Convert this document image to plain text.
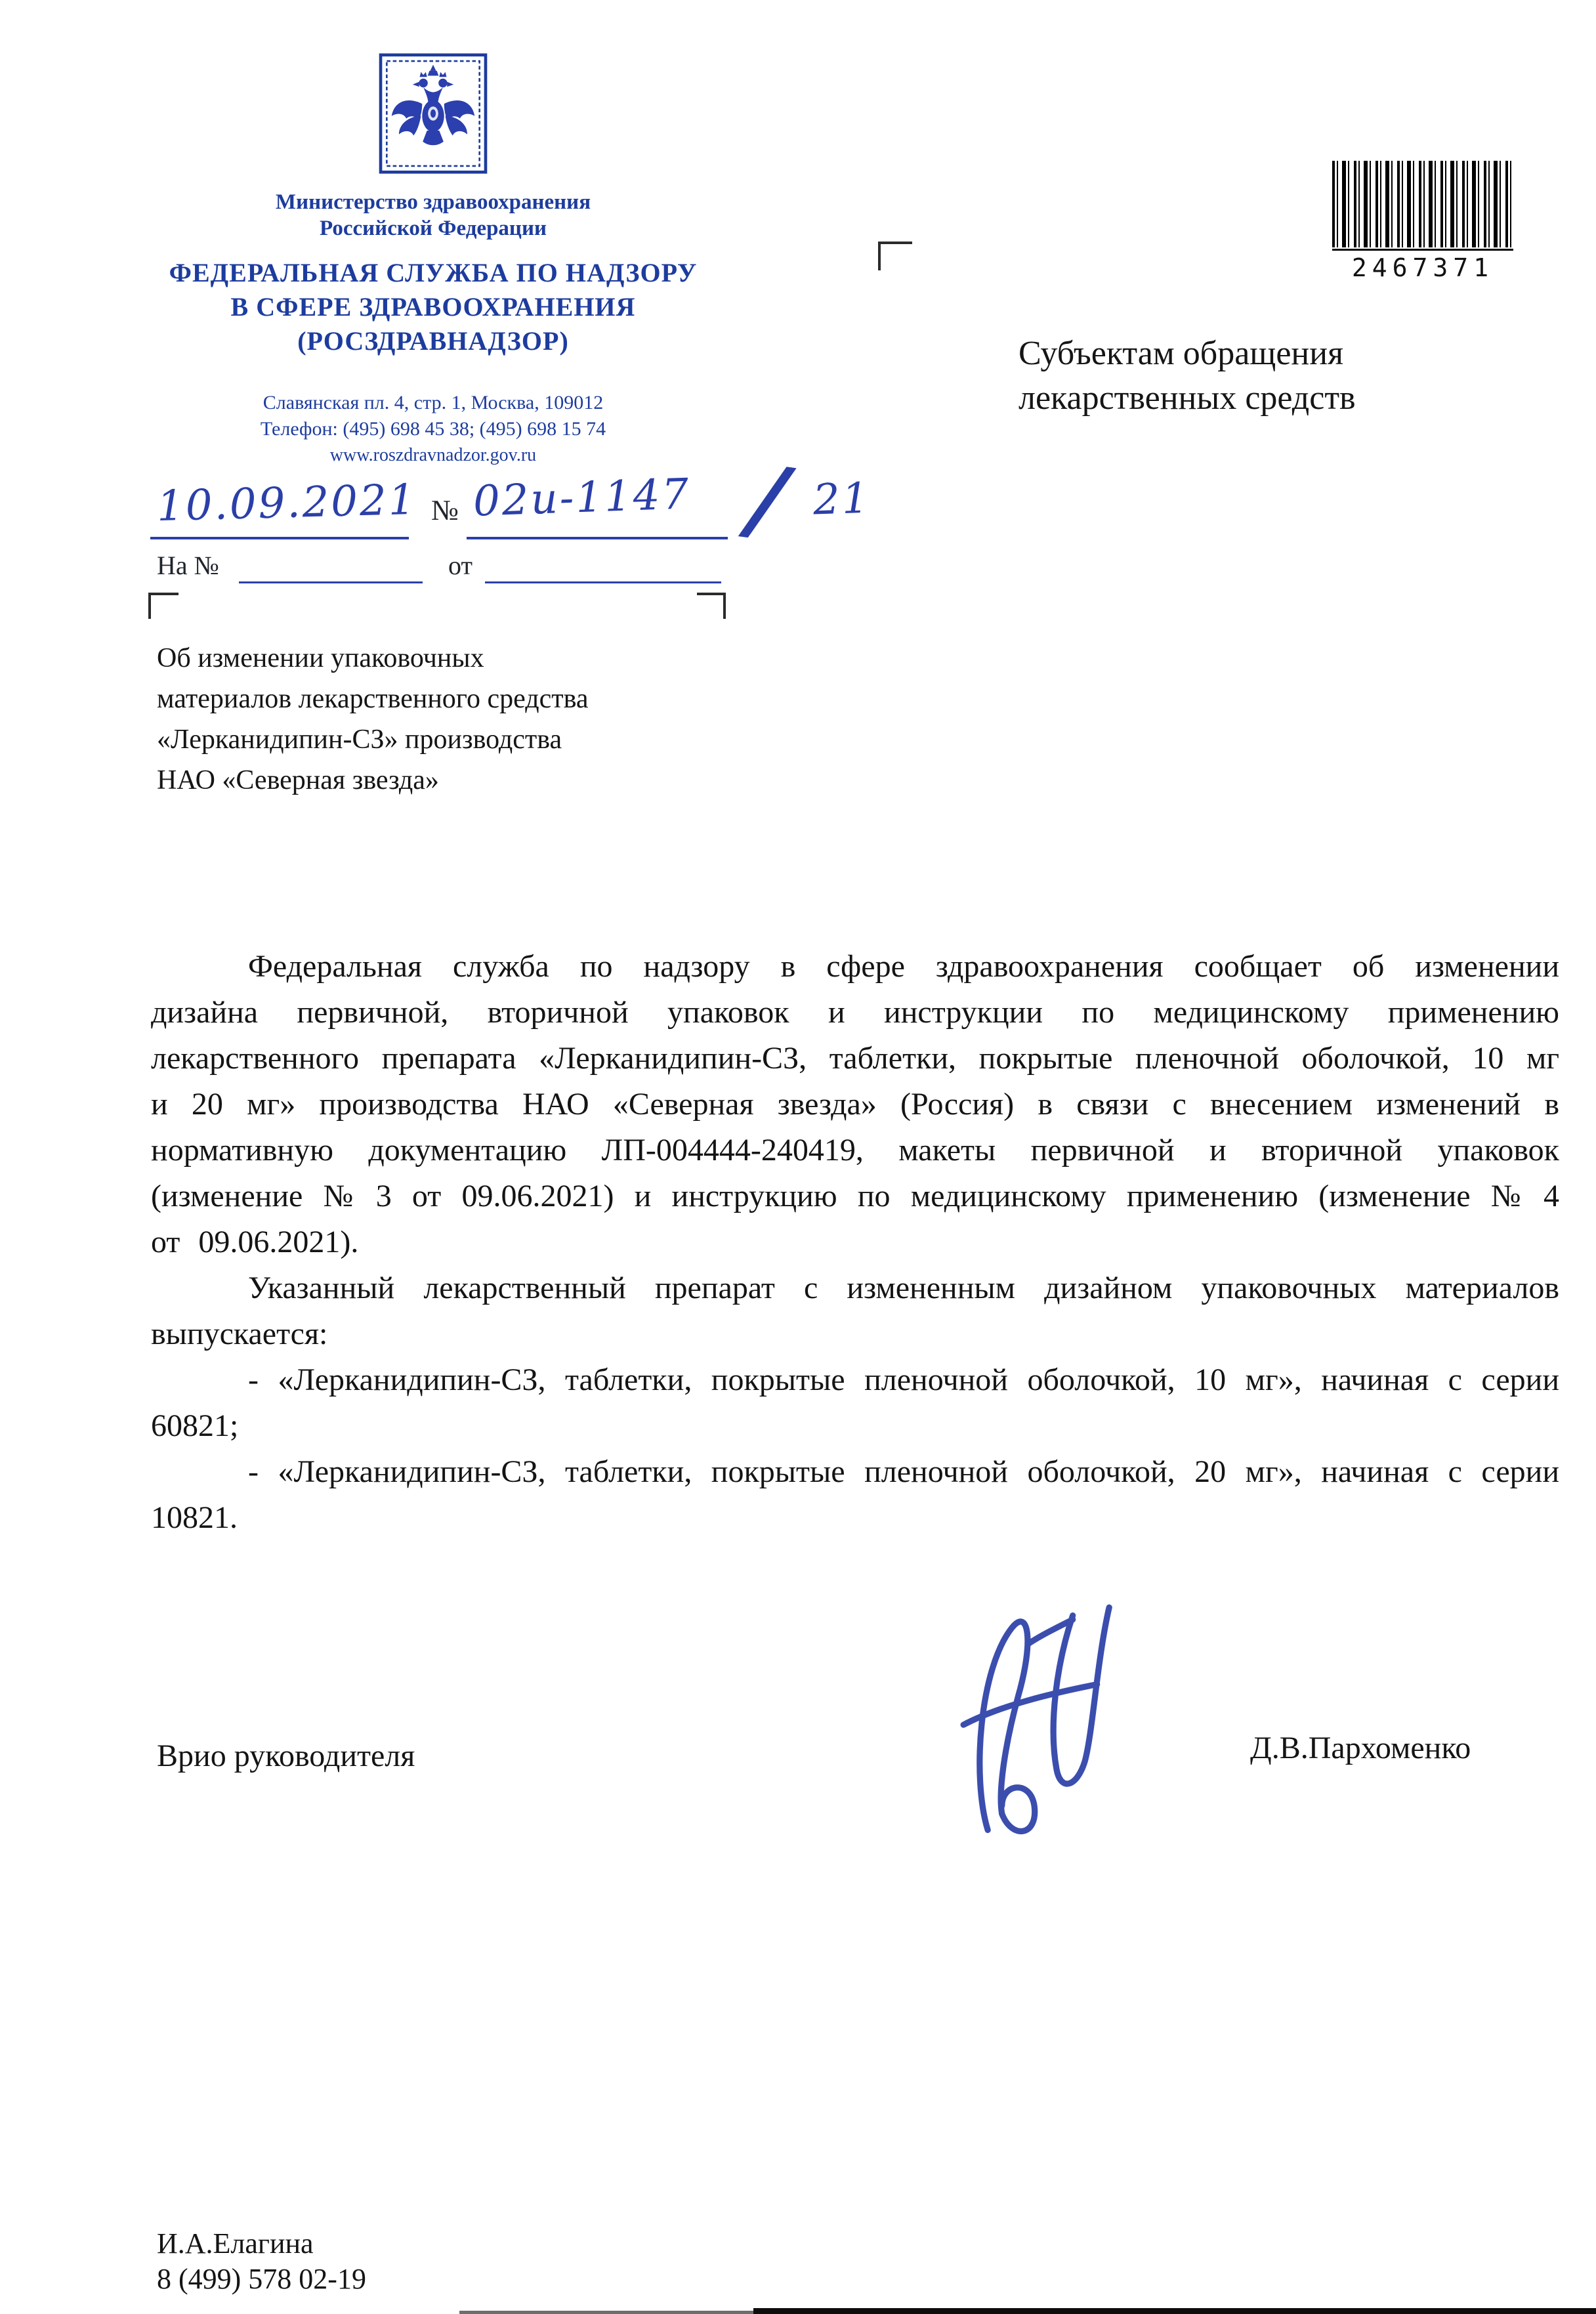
Министерство здравоохранения
Российской Федерации
ФЕДЕРАЛЬНАЯ СЛУЖБА ПО НАДЗОРУ
В СФЕРЕ ЗДРАВООХРАНЕНИЯ
(РОСЗДРАВНАДЗОР)
Славянская пл. 4, стр. 1, Москва, 109012
Телефон: (495) 698 45 38; (495) 698 15 74
www.roszdravnadzor.gov.ru
2467371
Субъектам обращения
лекарственных средств
10.09.2021 № 02и-1147 / 21
На №	от
Об изменении упаковочных
материалов лекарственного средства
«Лерканидипин-СЗ» производства
НАО «Северная звезда»

Федеральная служба по надзору в сфере здравоохранения сообщает об изменении дизайна первичной, вторичной упаковок и инструкции по медицинскому применению лекарственного препарата «Лерканидипин-СЗ, таблетки, покрытые пленочной оболочкой, 10 мг и 20 мг» производства НАО «Северная звезда» (Россия) в связи с внесением изменений в нормативную документацию ЛП-004444-240419, макеты первичной и вторичной упаковок (изменение № 3 от 09.06.2021) и инструкцию по медицинскому применению (изменение № 4 от 09.06.2021).

Указанный лекарственный препарат с измененным дизайном упаковочных материалов выпускается:

- «Лерканидипин-СЗ, таблетки, покрытые пленочной оболочкой, 10 мг», начиная с серии 60821;

- «Лерканидипин-СЗ, таблетки, покрытые пленочной оболочкой, 20 мг», начиная с серии 10821.

Врио руководителя	Д.В.Пархоменко
И.А.Елагина
8 (499) 578 02-19
